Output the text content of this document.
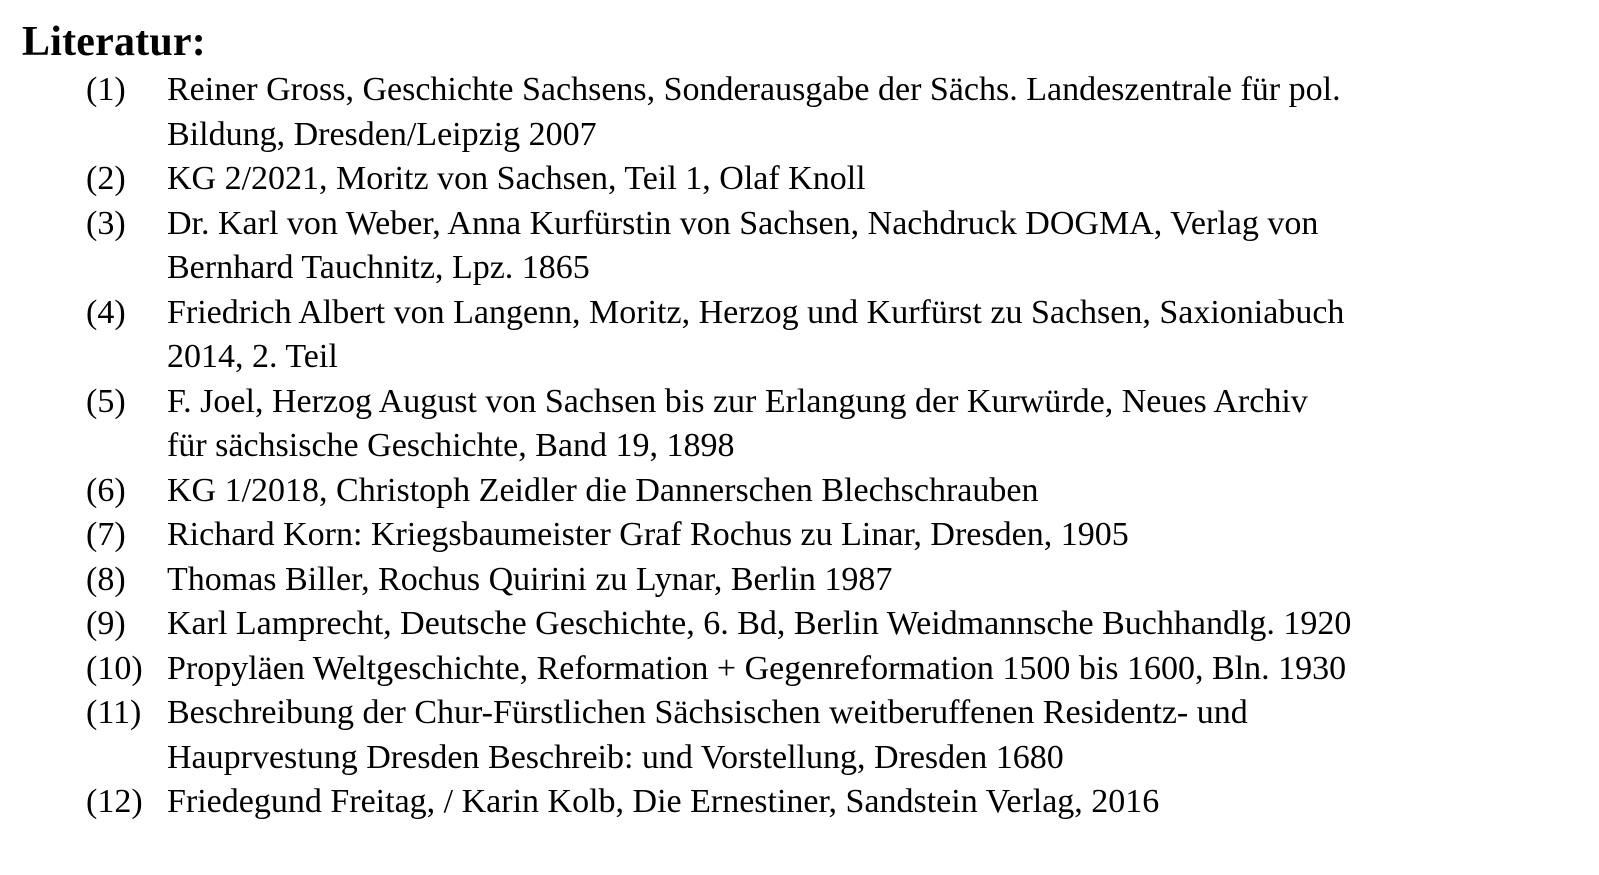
Literatur:
(1)	Reiner Gross, Geschichte Sachsens, Sonderausgabe der Sächs. Landeszentrale für pol.
Bildung, Dresden/Leipzig 2007
(2)	KG 2/2021, Moritz von Sachsen, Teil 1, Olaf Knoll
(3)	Dr. Karl von Weber, Anna Kurfürstin von Sachsen, Nachdruck DOGMA, Verlag von
Bernhard Tauchnitz, Lpz. 1865
(4)	Friedrich Albert von Langenn, Moritz, Herzog und Kurfürst zu Sachsen, Saxioniabuch
2014, 2. Teil
(5)	F. Joel, Herzog August von Sachsen bis zur Erlangung der Kurwürde, Neues Archiv
für sächsische Geschichte, Band 19, 1898
(6)	KG 1/2018, Christoph Zeidler die Dannerschen Blechschrauben
(7)	Richard Korn: Kriegsbaumeister Graf Rochus zu Linar, Dresden, 1905
(8)	Thomas Biller, Rochus Quirini zu Lynar, Berlin 1987
(9)	Karl Lamprecht, Deutsche Geschichte, 6. Bd, Berlin Weidmannsche Buchhandlg. 1920
(10) Propyläen Weltgeschichte, Reformation + Gegenreformation 1500 bis 1600, Bln. 1930
(11) Beschreibung der Chur-Fürstlichen Sächsischen weitberuffenen Residentz- und
Hauprvestung Dresden Beschreib: und Vorstellung, Dresden 1680
(12) Friedegund Freitag, / Karin Kolb, Die Ernestiner, Sandstein Verlag, 2016
